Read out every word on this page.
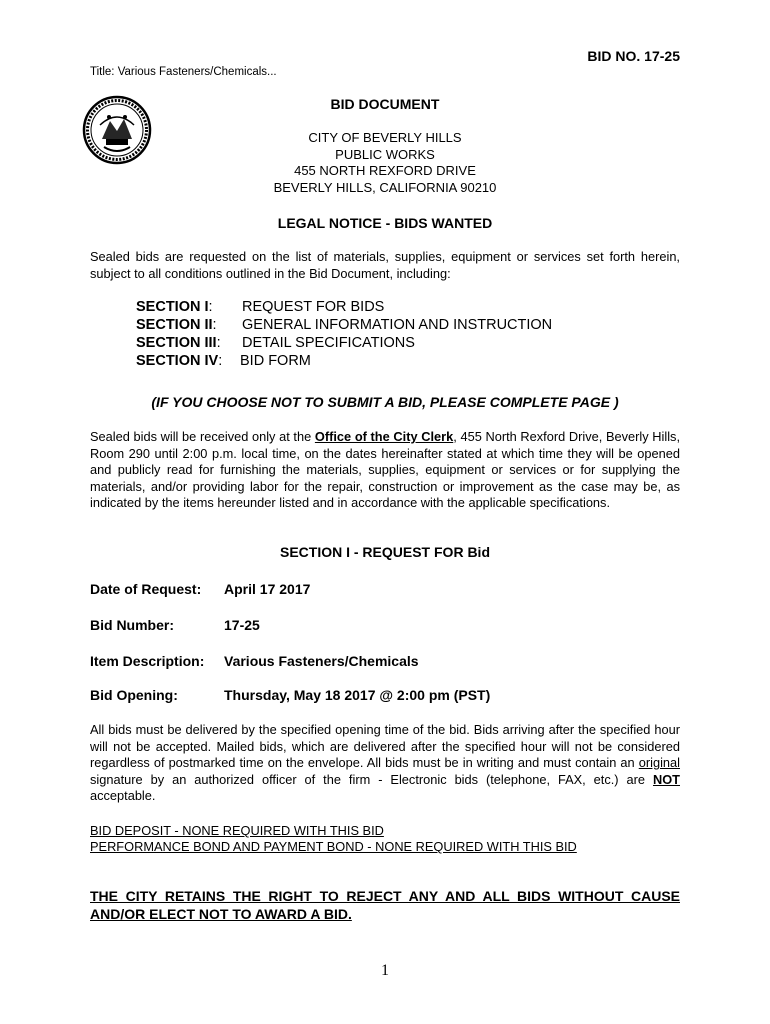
BID NO. 17-25
Title: Various Fasteners/Chemicals...
BID DOCUMENT
CITY OF BEVERLY HILLS
PUBLIC WORKS
455 NORTH REXFORD DRIVE
BEVERLY HILLS, CALIFORNIA 90210
LEGAL NOTICE - BIDS WANTED
Sealed bids are requested on the list of materials, supplies, equipment or services set forth herein, subject to all conditions outlined in the Bid Document, including:
SECTION I:	REQUEST FOR BIDS
SECTION II:	GENERAL INFORMATION AND INSTRUCTION
SECTION III:	DETAIL SPECIFICATIONS
SECTION IV:	BID FORM
(IF YOU CHOOSE NOT TO SUBMIT A BID, PLEASE COMPLETE PAGE )
Sealed bids will be received only at the Office of the City Clerk, 455 North Rexford Drive, Beverly Hills, Room 290 until 2:00 p.m. local time, on the dates hereinafter stated at which time they will be opened and publicly read for furnishing the materials, supplies, equipment or services or for supplying the materials, and/or providing labor for the repair, construction or improvement as the case may be, as indicated by the items hereunder listed and in accordance with the applicable specifications.
SECTION I - REQUEST FOR Bid
Date of Request:	April 17 2017
Bid Number:	17-25
Item Description:	Various Fasteners/Chemicals
Bid Opening:	Thursday, May 18 2017 @ 2:00 pm (PST)
All bids must be delivered by the specified opening time of the bid. Bids arriving after the specified hour will not be accepted. Mailed bids, which are delivered after the specified hour will not be considered regardless of postmarked time on the envelope. All bids must be in writing and must contain an original signature by an authorized officer of the firm - Electronic bids (telephone, FAX, etc.) are NOT acceptable.
BID DEPOSIT - NONE REQUIRED WITH THIS BID
PERFORMANCE BOND AND PAYMENT BOND - NONE REQUIRED WITH THIS BID
THE CITY RETAINS THE RIGHT TO REJECT ANY AND ALL BIDS WITHOUT CAUSE AND/OR ELECT NOT TO AWARD A BID.
1
